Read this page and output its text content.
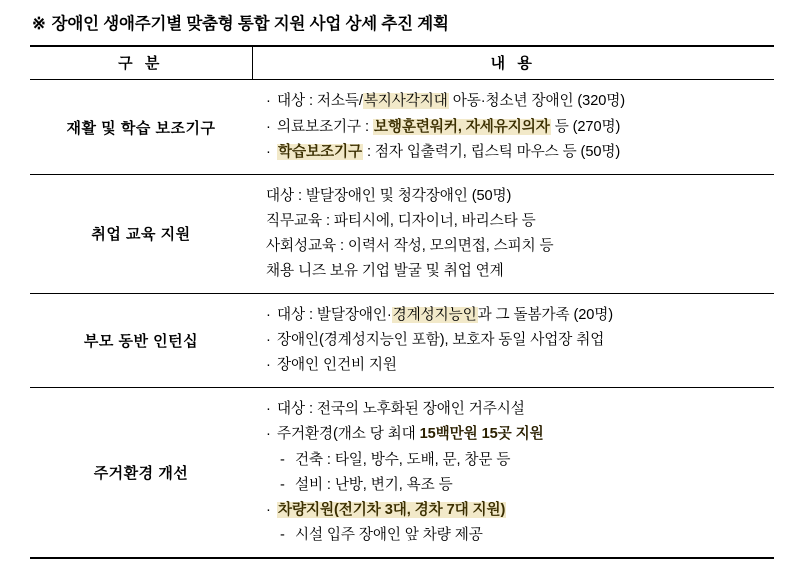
※ 장애인 생애주기별 맞춤형 통합 지원 사업 상세 추진 계획
구 분	내 용
재활 및 학습 보조기구	
· 대상 : 저소득/복지사각지대 아동·청소년 장애인 (320명)
· 의료보조기구 : 보행훈련워커, 자세유지의자 등 (270명)
· 학습보조기구 : 점자 입출력기, 립스틱 마우스 등 (50명)

취업 교육 지원	
대상 : 발달장애인 및 청각장애인 (50명)
직무교육 : 파티시에, 디자이너, 바리스타 등
사회성교육 : 이력서 작성, 모의면접, 스피치 등
채용 니즈 보유 기업 발굴 및 취업 연계

부모 동반 인턴십	
· 대상 : 발달장애인·경계성지능인과 그 돌봄가족 (20명)
· 장애인(경계성지능인 포함), 보호자 동일 사업장 취업
· 장애인 인건비 지원

주거환경 개선	
· 대상 : 전국의 노후화된 장애인 거주시설
· 주거환경(개소 당 최대 15백만원 15곳 지원
- 건축 : 타일, 방수, 도배, 문, 창문 등
- 설비 : 난방, 변기, 욕조 등
· 차량지원(전기차 3대, 경차 7대 지원)
- 시설 입주 장애인 앞 차량 제공
